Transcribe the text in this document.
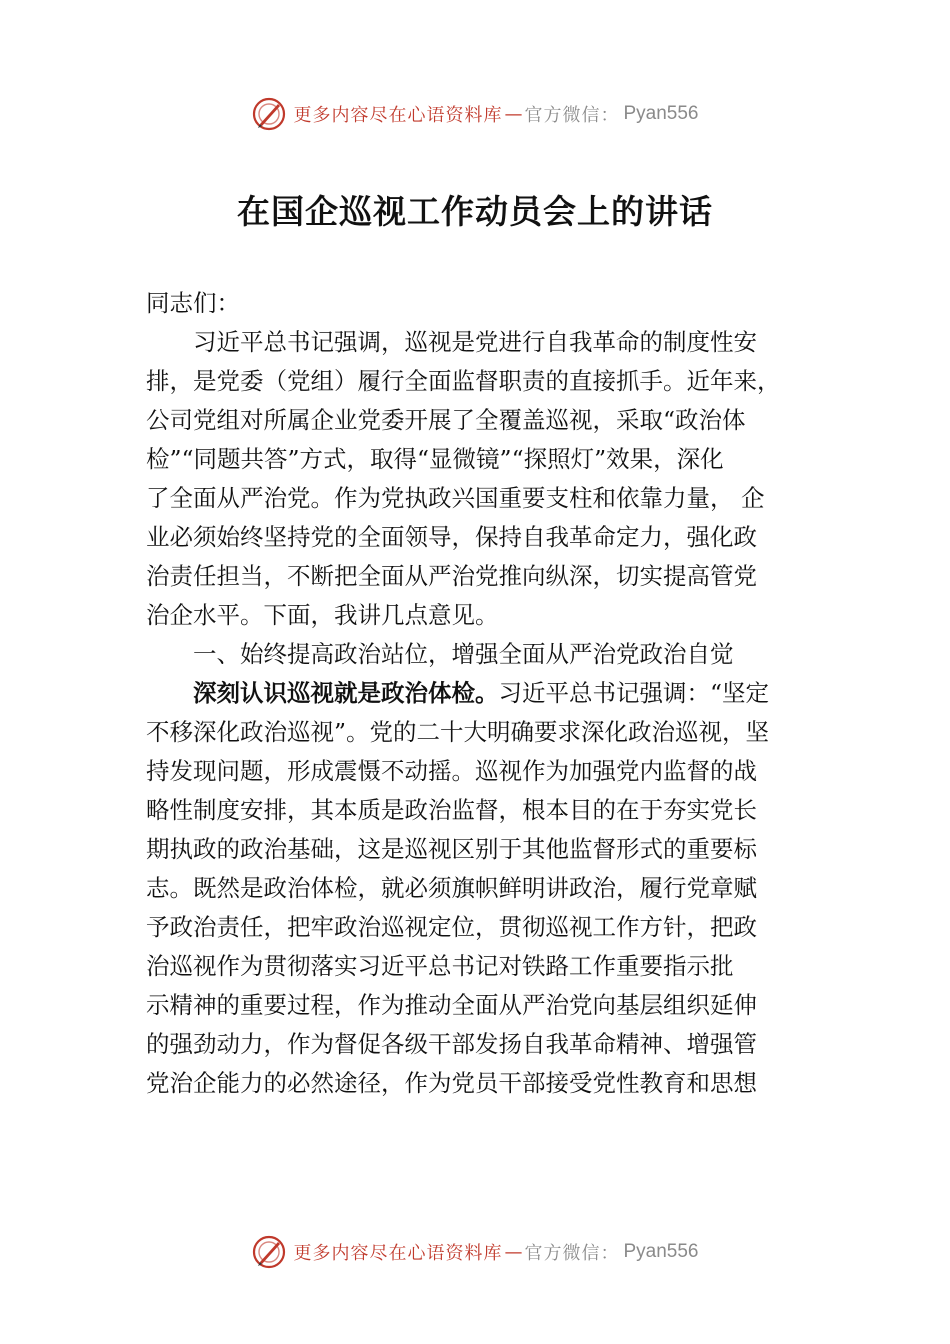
更多内容尽在心语资料库 — 官方微信： Pyan556
在国企巡视工作动员会上的讲话
同志们：
习近平总书记强调，巡视是党进行自我革命的制度性安
排，是党委（党组）履行全面监督职责的直接抓手。近年来，
公司党组对所属企业党委开展了全覆盖巡视，采取“政治体
检”“同题共答”方式，取得“显微镜”“探照灯”效果，深化
了全面从严治党。作为党执政兴国重要支柱和依靠力量， 企
业必须始终坚持党的全面领导，保持自我革命定力，强化政
治责任担当，不断把全面从严治党推向纵深，切实提高管党
治企水平。下面，我讲几点意见。
一、始终提高政治站位，增强全面从严治党政治自觉
深刻认识巡视就是政治体检。习近平总书记强调：“坚定
不移深化政治巡视”。党的二十大明确要求深化政治巡视，坚
持发现问题，形成震慑不动摇。巡视作为加强党内监督的战
略性制度安排，其本质是政治监督，根本目的在于夯实党长
期执政的政治基础，这是巡视区别于其他监督形式的重要标
志。既然是政治体检，就必须旗帜鲜明讲政治，履行党章赋
予政治责任，把牢政治巡视定位，贯彻巡视工作方针，把政
治巡视作为贯彻落实习近平总书记对铁路工作重要指示批
示精神的重要过程，作为推动全面从严治党向基层组织延伸
的强劲动力，作为督促各级干部发扬自我革命精神、增强管
党治企能力的必然途径，作为党员干部接受党性教育和思想
更多内容尽在心语资料库 — 官方微信： Pyan556
